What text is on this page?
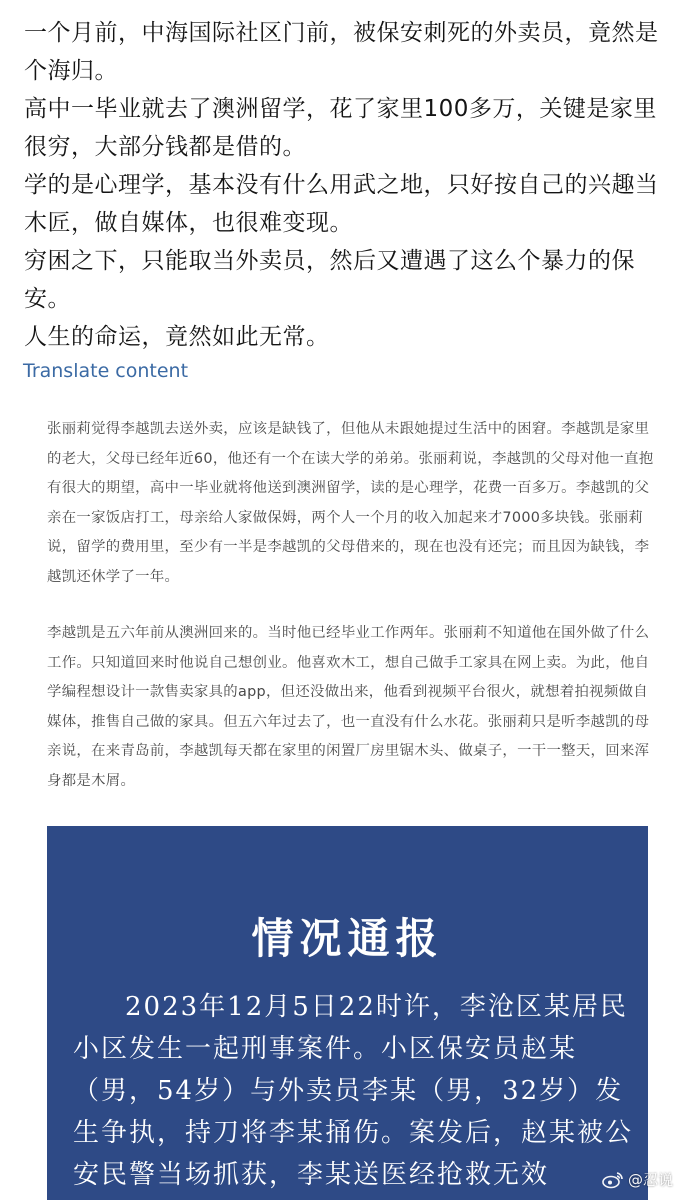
一个月前，中海国际社区门前，被保安刺死的外卖员，竟然是个海归。

高中一毕业就去了澳洲留学，花了家里100多万，关键是家里很穷，大部分钱都是借的。

学的是心理学，基本没有什么用武之地，只好按自己的兴趣当木匠，做自媒体，也很难变现。

穷困之下，只能取当外卖员，然后又遭遇了这么个暴力的保安。

人生的命运，竟然如此无常。

Translate content

张丽莉觉得李越凯去送外卖，应该是缺钱了，但他从未跟她提过生活中的困窘。李越凯是家里的老大，父母已经年近60，他还有一个在读大学的弟弟。张丽莉说，李越凯的父母对他一直抱有很大的期望，高中一毕业就将他送到澳洲留学，读的是心理学，花费一百多万。李越凯的父亲在一家饭店打工，母亲给人家做保姆，两个人一个月的收入加起来才7000多块钱。张丽莉说，留学的费用里，至少有一半是李越凯的父母借来的，现在也没有还完；而且因为缺钱，李越凯还休学了一年。

李越凯是五六年前从澳洲回来的。当时他已经毕业工作两年。张丽莉不知道他在国外做了什么工作。只知道回来时他说自己想创业。他喜欢木工，想自己做手工家具在网上卖。为此，他自学编程想设计一款售卖家具的app，但还没做出来，他看到视频平台很火，就想着拍视频做自媒体，推售自己做的家具。但五六年过去了，也一直没有什么水花。张丽莉只是听李越凯的母亲说，在来青岛前，李越凯每天都在家里的闲置厂房里锯木头、做桌子，一干一整天，回来浑身都是木屑。

情况通报
2023年12月5日22时许，李沧区某居民小区发生一起刑事案件。小区保安员赵某（男，54岁）与外卖员李某（男，32岁）发生争执，持刀将李某捅伤。案发后，赵某被公安民警当场抓获，李某送医经抢救无效	@忍说
